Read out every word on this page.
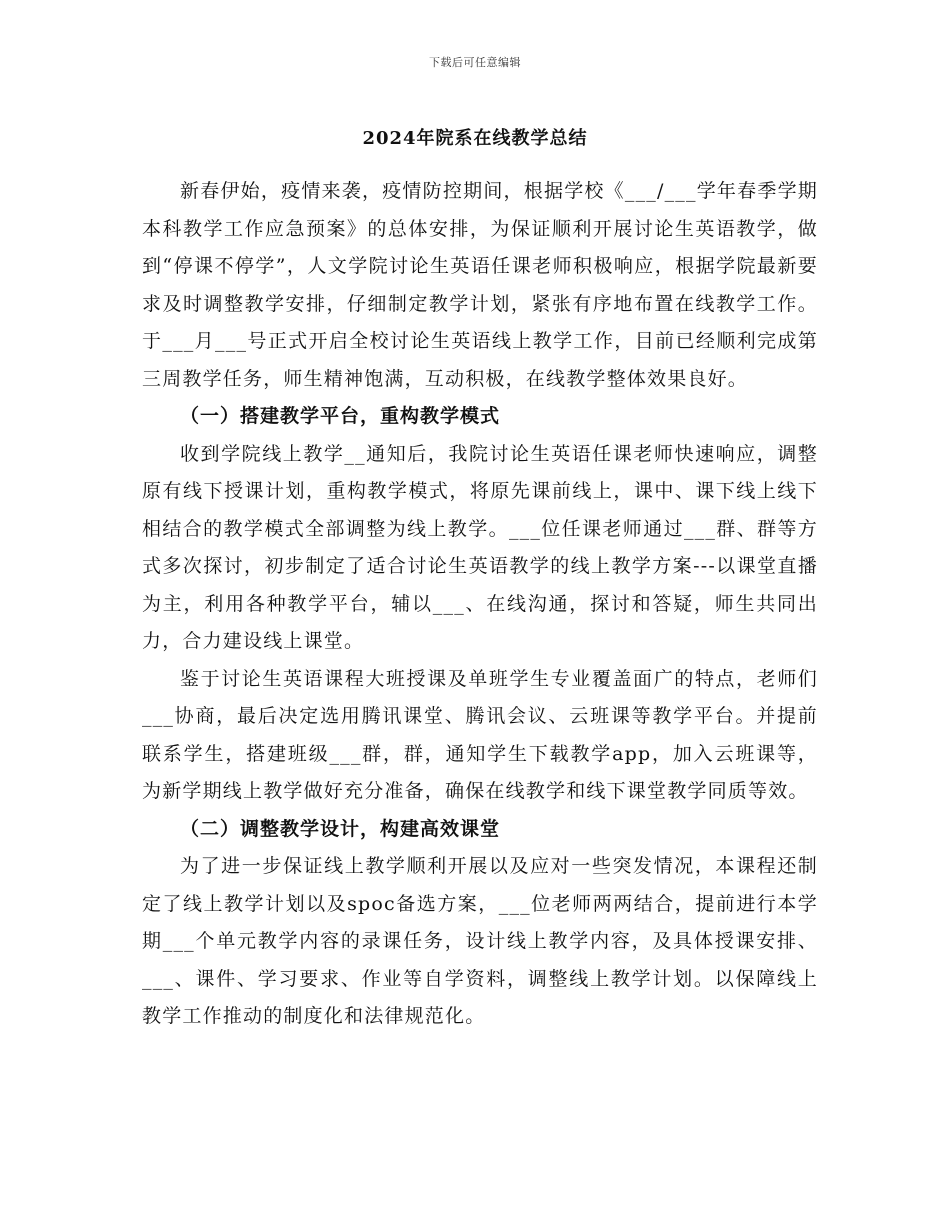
下载后可任意编辑
2024年院系在线教学总结

新春伊始，疫情来袭，疫情防控期间，根据学校《___/___学年春季学期本科教学工作应急预案》的总体安排，为保证顺利开展讨论生英语教学，做到“停课不停学”，人文学院讨论生英语任课老师积极响应，根据学院最新要求及时调整教学安排，仔细制定教学计划，紧张有序地布置在线教学工作。于___月___号正式开启全校讨论生英语线上教学工作，目前已经顺利完成第三周教学任务，师生精神饱满，互动积极，在线教学整体效果良好。

（一）搭建教学平台，重构教学模式

收到学院线上教学__通知后，我院讨论生英语任课老师快速响应，调整原有线下授课计划，重构教学模式，将原先课前线上，课中、课下线上线下相结合的教学模式全部调整为线上教学。___位任课老师通过___群、群等方式多次探讨，初步制定了适合讨论生英语教学的线上教学方案---以课堂直播为主，利用各种教学平台，辅以___、在线沟通，探讨和答疑，师生共同出力，合力建设线上课堂。

鉴于讨论生英语课程大班授课及单班学生专业覆盖面广的特点，老师们___协商，最后决定选用腾讯课堂、腾讯会议、云班课等教学平台。并提前联系学生，搭建班级___群，群，通知学生下载教学app，加入云班课等，为新学期线上教学做好充分准备，确保在线教学和线下课堂教学同质等效。

（二）调整教学设计，构建高效课堂

为了进一步保证线上教学顺利开展以及应对一些突发情况，本课程还制定了线上教学计划以及spoc备选方案，___位老师两两结合，提前进行本学期___个单元教学内容的录课任务，设计线上教学内容，及具体授课安排、___、课件、学习要求、作业等自学资料，调整线上教学计划。以保障线上教学工作推动的制度化和法律规范化。
